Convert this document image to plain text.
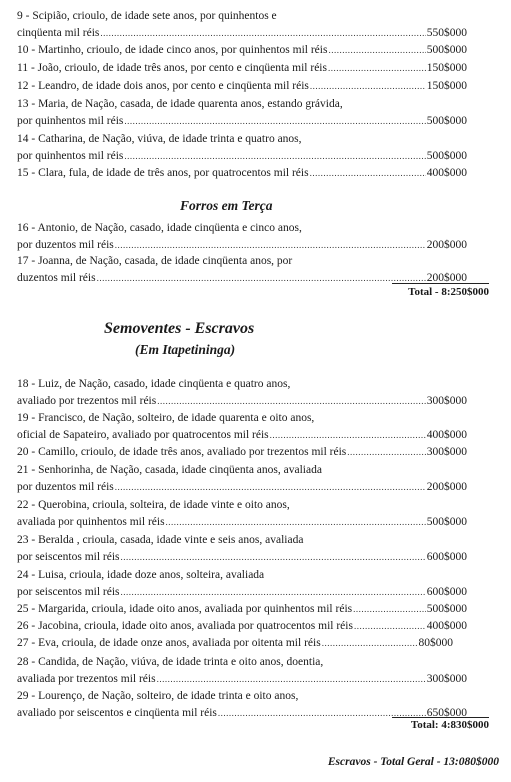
9 - Scipião, crioulo, de idade sete anos, por quinhentos e
cinqüenta mil réis .....	550$000
10 - Martinho, crioulo, de idade cinco anos, por quinhentos mil réis .....	500$000
11 - João, crioulo, de idade três anos, por cento e cinqüenta mil réis .....	150$000
12 - Leandro, de idade dois anos, por cento e cinqüenta mil réis .....	150$000
13 - Maria, de Nação, casada, de idade quarenta anos, estando grávida,
por quinhentos mil réis .....	500$000
14 - Catharina, de Nação, viúva, de idade trinta e quatro anos,
por quinhentos mil réis .....	500$000
15 - Clara, fula, de idade de três anos, por quatrocentos mil réis .....	400$000
Forros em Terça
16 - Antonio, de Nação, casado, idade cinqüenta e cinco anos,
por duzentos mil réis .....	200$000
17 - Joanna, de Nação, casada, de idade cinqüenta anos, por
duzentos mil réis .....	200$000
Total - 8:250$000
Semoventes - Escravos
(Em Itapetininga)
18 - Luiz, de Nação, casado, idade cinqüenta e quatro anos,
avaliado por trezentos mil réis .....	300$000
19 - Francisco, de Nação, solteiro, de idade quarenta e oito anos,
oficial de Sapateiro, avaliado por quatrocentos mil réis .....	400$000
20 - Camillo, crioulo, de idade três anos, avaliado por trezentos mil réis .....	300$000
21 - Senhorinha, de Nação, casada, idade cinqüenta anos, avaliada
por duzentos mil réis .....	200$000
22 - Querobina, crioula, solteira, de idade vinte e oito anos,
avaliada por quinhentos mil réis .....	500$000
23 - Beralda , crioula, casada, idade vinte e seis anos, avaliada
por seiscentos mil réis .....	600$000
24 - Luisa, crioula, idade doze anos, solteira, avaliada
por seiscentos mil réis .....	600$000
25 - Margarida, crioula, idade oito anos, avaliada por quinhentos mil réis .....	500$000
26 - Jacobina, crioula, idade oito anos, avaliada por quatrocentos mil réis .....	400$000
27 - Eva, crioula, de idade onze anos, avaliada por oitenta mil réis .....	80$000
28 - Candida, de Nação, viúva, de idade trinta e oito anos, doentia,
avaliada por trezentos mil réis .....	300$000
29 - Lourenço, de Nação, solteiro, de idade trinta e oito anos,
avaliado por seiscentos e cinqüenta mil réis .....	650$000
Total: 4:830$000
Escravos - Total Geral - 13:080$000
